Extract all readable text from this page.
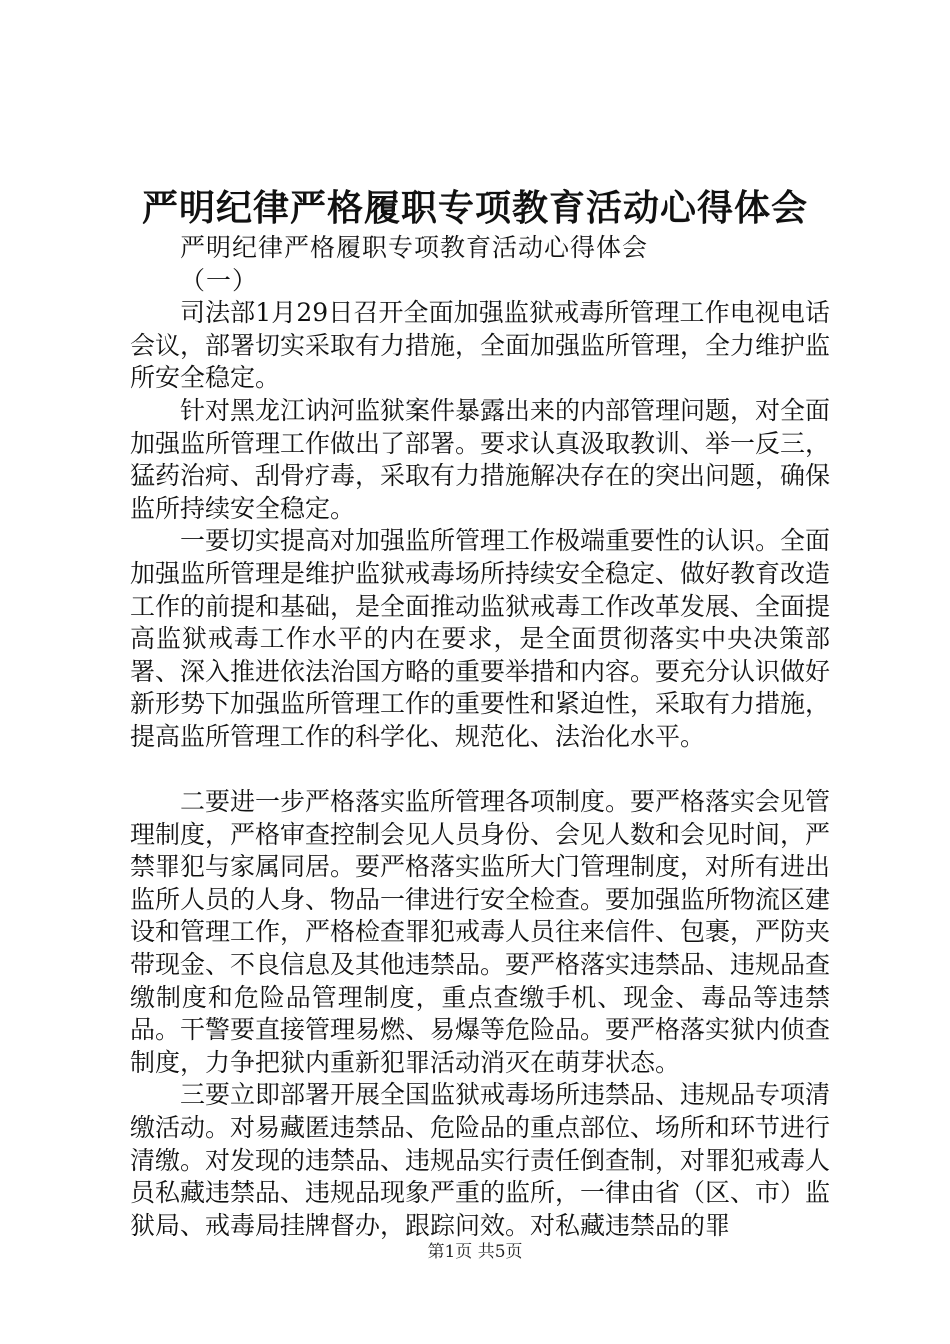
严明纪律严格履职专项教育活动心得体会
严明纪律严格履职专项教育活动心得体会
（一）

司法部1月29日召开全面加强监狱戒毒所管理工作电视电话会议，部署切实采取有力措施，全面加强监所管理，全力维护监所安全稳定。

针对黑龙江讷河监狱案件暴露出来的内部管理问题，对全面加强监所管理工作做出了部署。要求认真汲取教训、举一反三，猛药治疴、刮骨疗毒，采取有力措施解决存在的突出问题，确保监所持续安全稳定。

一要切实提高对加强监所管理工作极端重要性的认识。全面加强监所管理是维护监狱戒毒场所持续安全稳定、做好教育改造工作的前提和基础，是全面推动监狱戒毒工作改革发展、全面提高监狱戒毒工作水平的内在要求，是全面贯彻落实中央决策部署、深入推进依法治国方略的重要举措和内容。要充分认识做好新形势下加强监所管理工作的重要性和紧迫性，采取有力措施，提高监所管理工作的科学化、规范化、法治化水平。

二要进一步严格落实监所管理各项制度。要严格落实会见管理制度，严格审查控制会见人员身份、会见人数和会见时间，严禁罪犯与家属同居。要严格落实监所大门管理制度，对所有进出监所人员的人身、物品一律进行安全检查。要加强监所物流区建设和管理工作，严格检查罪犯戒毒人员往来信件、包裹，严防夹带现金、不良信息及其他违禁品。要严格落实违禁品、违规品查缴制度和危险品管理制度，重点查缴手机、现金、毒品等违禁品。干警要直接管理易燃、易爆等危险品。要严格落实狱内侦查制度，力争把狱内重新犯罪活动消灭在萌芽状态。

三要立即部署开展全国监狱戒毒场所违禁品、违规品专项清缴活动。对易藏匿违禁品、危险品的重点部位、场所和环节进行清缴。对发现的违禁品、违规品实行责任倒查制，对罪犯戒毒人员私藏违禁品、违规品现象严重的监所，一律由省（区、市）监狱局、戒毒局挂牌督办，跟踪问效。对私藏违禁品的罪

第1页 共5页
